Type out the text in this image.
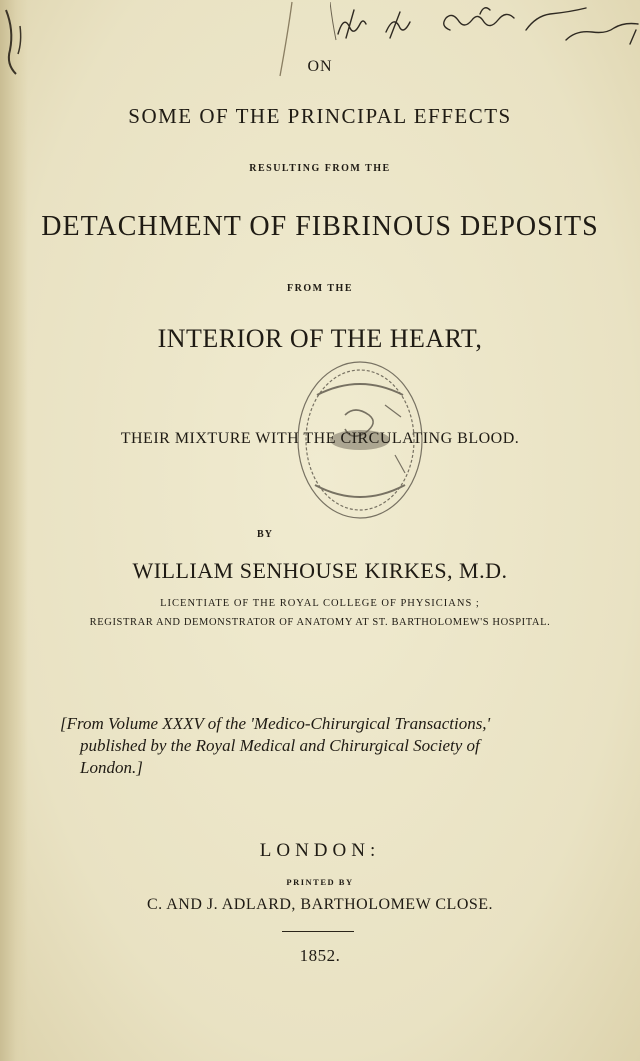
ON
SOME OF THE PRINCIPAL EFFECTS
RESULTING FROM THE
DETACHMENT OF FIBRINOUS DEPOSITS
FROM THE
INTERIOR OF THE HEART,
THEIR MIXTURE WITH THE CIRCULATING BLOOD.
BY
WILLIAM SENHOUSE KIRKES, M.D.
LICENTIATE OF THE ROYAL COLLEGE OF PHYSICIANS ;
REGISTRAR AND DEMONSTRATOR OF ANATOMY AT ST. BARTHOLOMEW'S HOSPITAL.
[From Volume XXXV of the 'Medico-Chirurgical Transactions,'
published by the Royal Medical and Chirurgical Society of
London.]
LONDON:
PRINTED BY
C. AND J. ADLARD, BARTHOLOMEW CLOSE.
1852.
